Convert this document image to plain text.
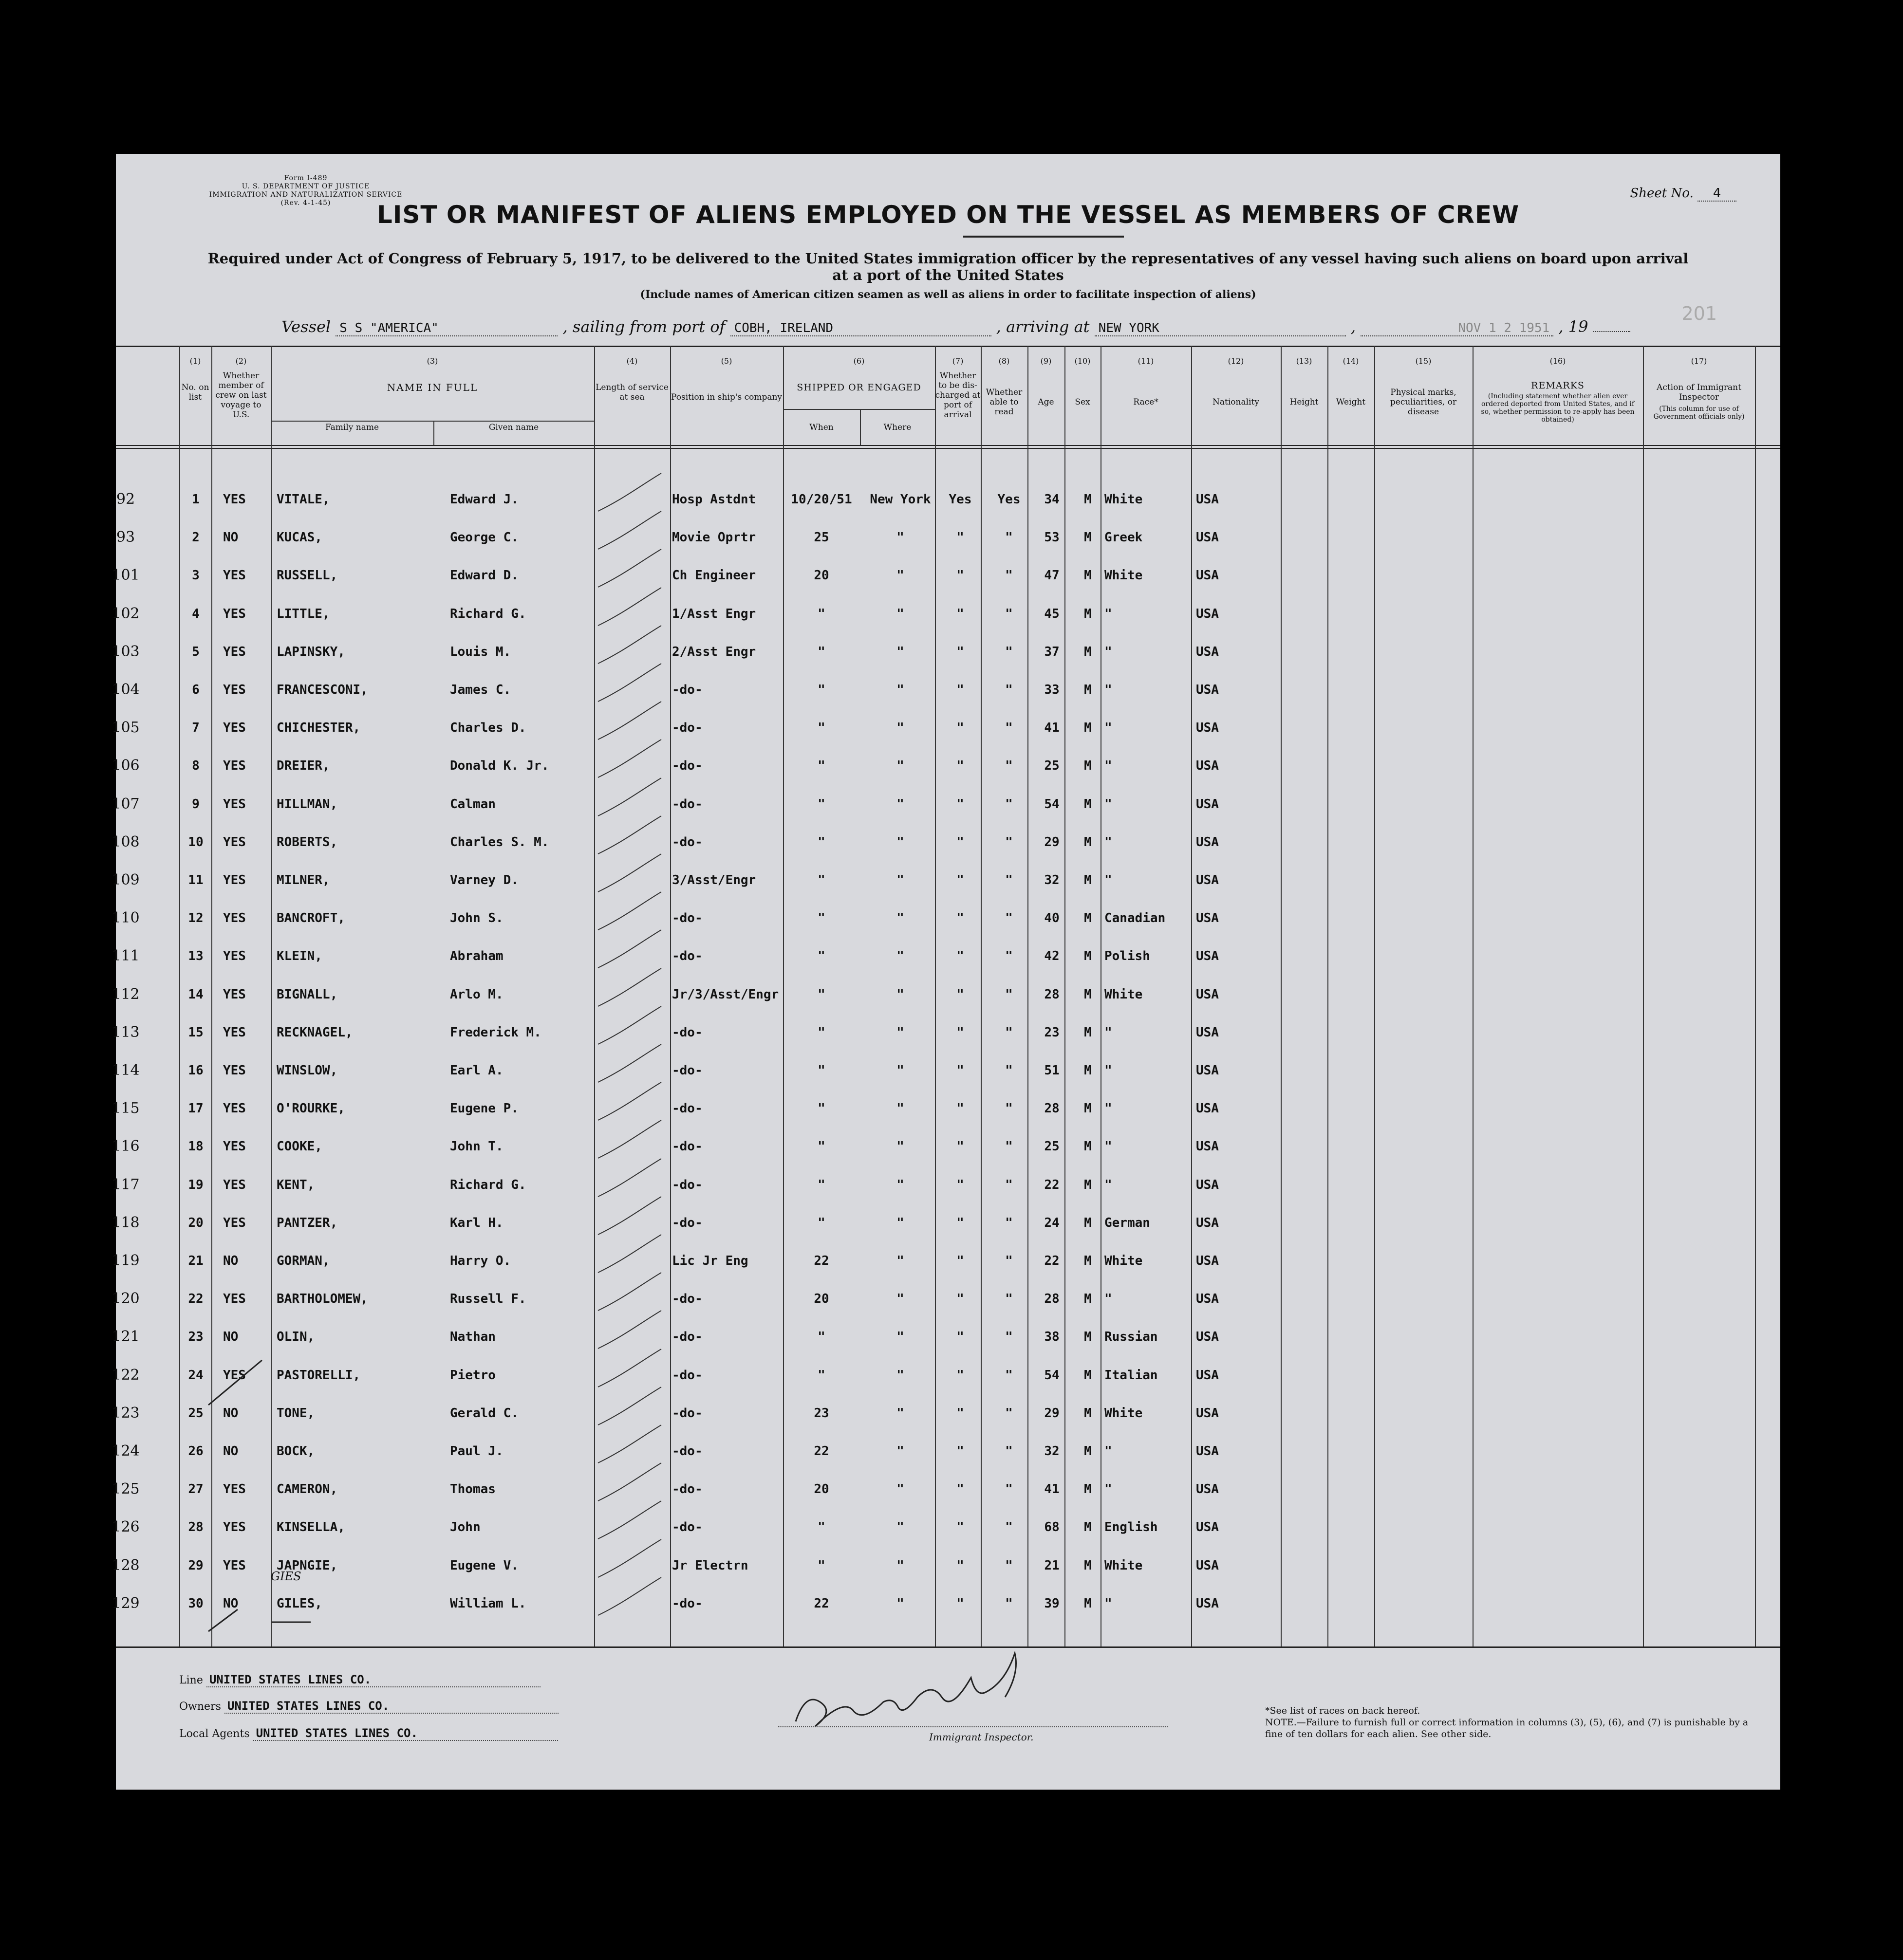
Form I-489
U. S. DEPARTMENT OF JUSTICE
IMMIGRATION AND NATURALIZATION SERVICE
(Rev. 4-1-45)
Sheet No. 4
LIST OR MANIFEST OF ALIENS EMPLOYED ON THE VESSEL AS MEMBERS OF CREW
Required under Act of Congress of February 5, 1917, to be delivered to the United States immigration officer by the representatives of any vessel having such aliens on board upon arrival at a port of the United States
(Include names of American citizen seamen as well as aliens in order to facilitate inspection of aliens)
Vessel S S "AMERICA"	, sailing from port of COBH, IRELAND	, arriving at NEW YORK	,	NOV 1 2 1951 , 19
201
(1)
No. on list
(2)
Whether member of crew on last voyage to U.S.
(3)
NAME IN FULL
Family name	Given name
(4)
Length of service at sea
(5)
Position in ship's company
(6)
SHIPPED OR ENGAGED
When	Where
(7)
Whether to be dis-charged at port of arrival
(8)
Whether able to read
(9)
Age
(10)
Sex
(11)
Race*
(12)
Nationality
(13)
Height
(14)
Weight
(15)
Physical marks, peculiarities, or disease
(16)
REMARKS
(Including statement whether alien ever ordered deported from United States, and if so, whether permission to re-apply has been obtained)
(17)
Action of Immigrant Inspector
(This column for use of Government officials only)
92	1	YES VITALE,	Edward J.	Hosp Astdnt	10/20/51	New York	Yes	Yes	34	M	White	USA
93	2	NO	KUCAS,	George C.	Movie Oprtr	25	"	"	"	53	M	Greek	USA
101	3	YES RUSSELL,	Edward D.	Ch Engineer	20	"	"	"	47	M	White	USA
102	4	YES LITTLE,	Richard G.	1/Asst Engr	"	"	"	"	45	M	"	USA
103	5	YES LAPINSKY,	Louis M.	2/Asst Engr	"	"	"	"	37	M	"	USA
104	6	YES FRANCESCONI,	James C.	-do-	"	"	"	"	33	M	"	USA
105	7	YES CHICHESTER,	Charles D.	-do-	"	"	"	"	41	M	"	USA
106	8	YES DREIER,	Donald K. Jr.	-do-	"	"	"	"	25	M	"	USA
107	9	YES HILLMAN,	Calman	-do-	"	"	"	"	54	M	"	USA
108	10	YES ROBERTS,	Charles S. M.	-do-	"	"	"	"	29	M	"	USA
109	11	YES MILNER,	Varney D.	3/Asst/Engr	"	"	"	"	32	M	"	USA
110	12	YES BANCROFT,	John S.	-do-	"	"	"	"	40	M	Canadian USA
111	13	YES KLEIN,	Abraham	-do-	"	"	"	"	42	M	Polish	USA
112	14	YES BIGNALL,	Arlo M.	Jr/3/Asst/Engr	"	"	"	"	28	M	White	USA
113	15	YES RECKNAGEL,	Frederick M.	-do-	"	"	"	"	23	M	"	USA
114	16	YES WINSLOW,	Earl A.	-do-	"	"	"	"	51	M	"	USA
115	17	YES O'ROURKE,	Eugene P.	-do-	"	"	"	"	28	M	"	USA
116	18	YES COOKE,	John T.	-do-	"	"	"	"	25	M	"	USA
117	19	YES KENT,	Richard G.	-do-	"	"	"	"	22	M	"	USA
118	20	YES PANTZER,	Karl H.	-do-	"	"	"	"	24	M	German	USA
119	21	NO	GORMAN,	Harry O.	Lic Jr Eng	22	"	"	"	22	M	White	USA
120	22	YES BARTHOLOMEW,	Russell F.	-do-	20	"	"	"	28	M	"	USA
121	23	NO	OLIN,	Nathan	-do-	"	"	"	"	38	M	Russian	USA
122	24	YES PASTORELLI,	Pietro	-do-	"	"	"	"	54	M	Italian	USA
123	25	NO	TONE,	Gerald C.	-do-	23	"	"	"	29	M	White	USA
124	26	NO	BOCK,	Paul J.	-do-	22	"	"	"	32	M	"	USA
125	27	YES CAMERON,	Thomas	-do-	20	"	"	"	41	M	"	USA
126	28	YES KINSELLA,	John	-do-	"	"	"	"	68	M	English	USA
128	29	YES JAPNGIE,	Eugene V.	Jr Electrn	"	"	"	"	21	M	White	USA
129	30	NO	GILES,	William L.	-do-	22	"	"	"	39	M	"	USA
GIES
Line UNITED STATES LINES CO.
Owners UNITED STATES LINES CO.
Local Agents UNITED STATES LINES CO.	Immigrant Inspector.
*See list of races on back hereof.
NOTE.—Failure to furnish full or correct information in columns (3), (5), (6), and (7) is punishable by a fine of ten dollars for each alien. See other side.
